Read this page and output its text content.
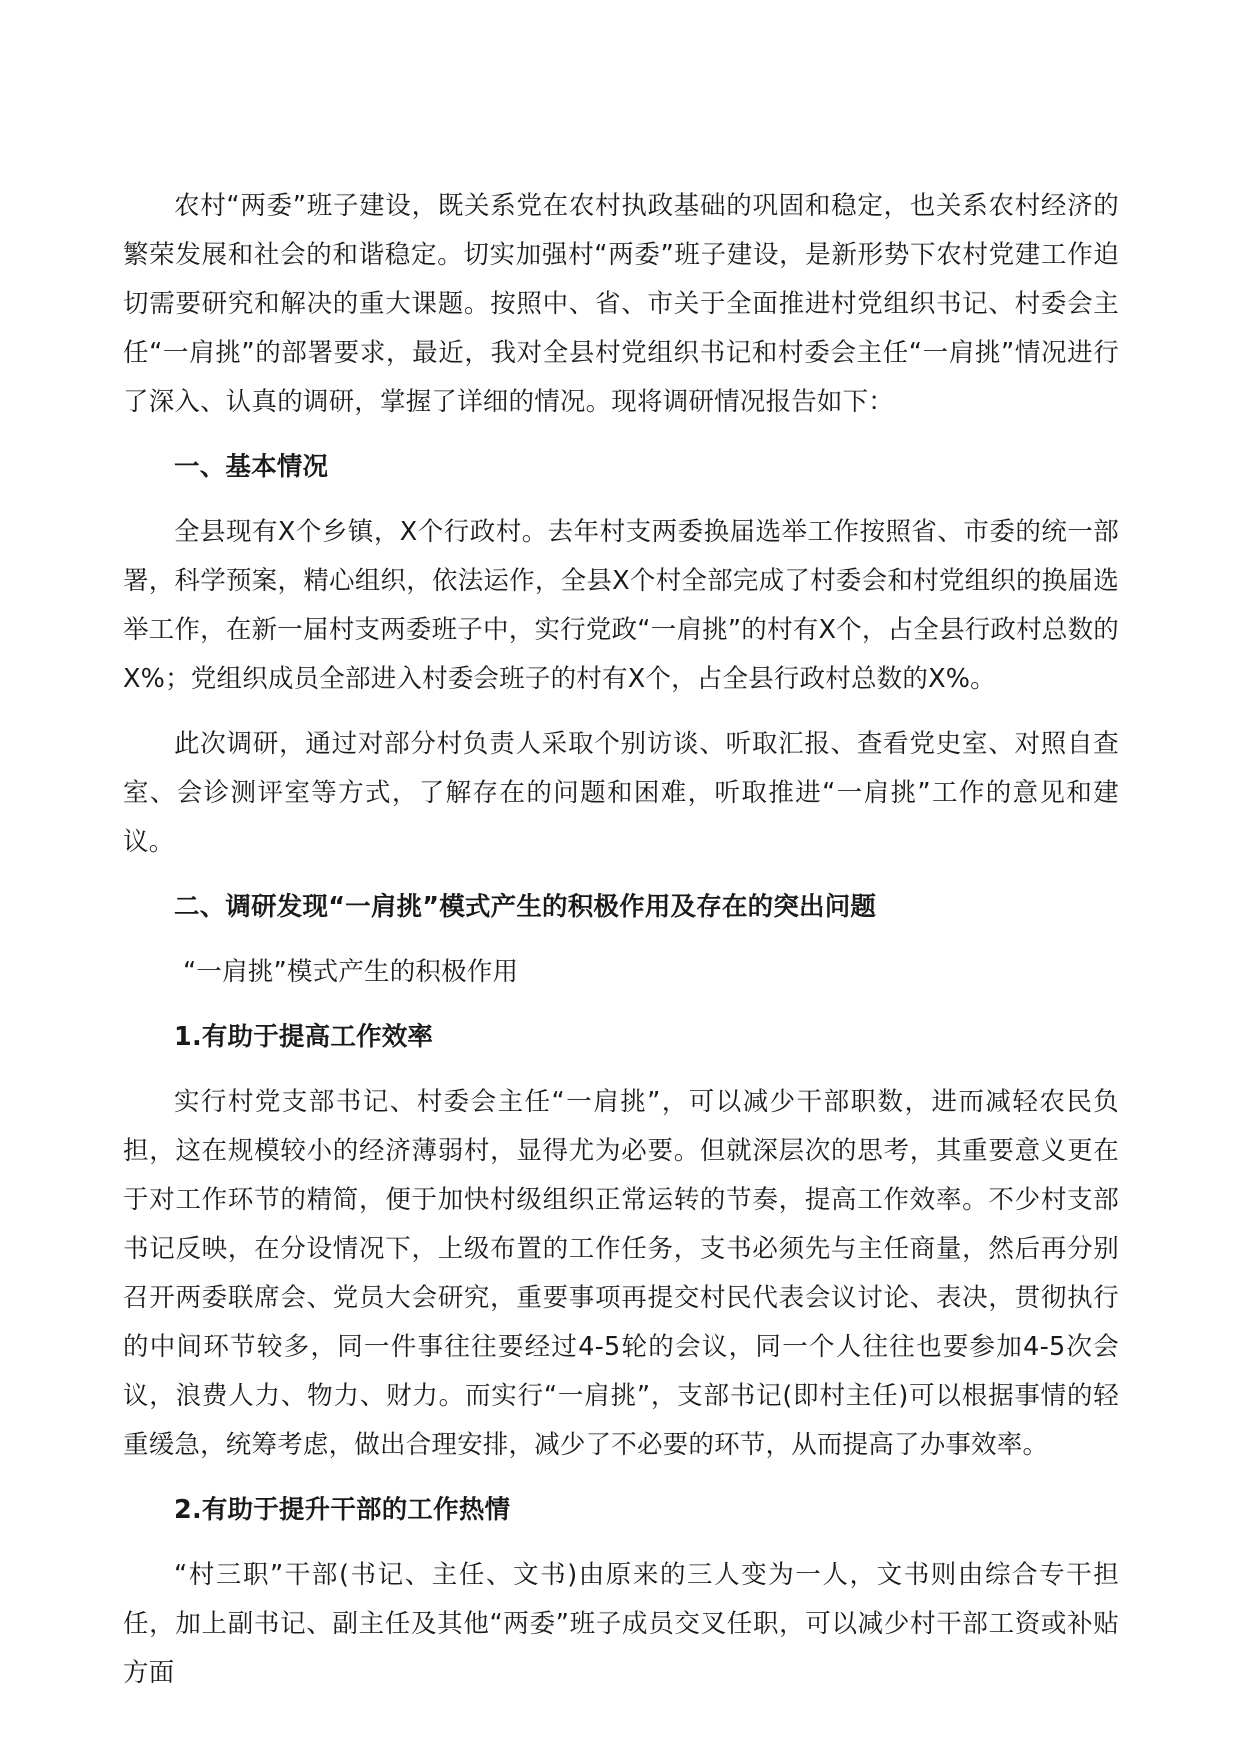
农村“两委”班子建设，既关系党在农村执政基础的巩固和稳定，也关系农村经济的繁荣发展和社会的和谐稳定。切实加强村“两委”班子建设，是新形势下农村党建工作迫切需要研究和解决的重大课题。按照中、省、市关于全面推进村党组织书记、村委会主任“一肩挑”的部署要求，最近，我对全县村党组织书记和村委会主任“一肩挑”情况进行了深入、认真的调研，掌握了详细的情况。现将调研情况报告如下：

一、基本情况

全县现有X个乡镇，X个行政村。去年村支两委换届选举工作按照省、市委的统一部署，科学预案，精心组织，依法运作，全县X个村全部完成了村委会和村党组织的换届选举工作，在新一届村支两委班子中，实行党政“一肩挑”的村有X个，占全县行政村总数的X%；党组织成员全部进入村委会班子的村有X个，占全县行政村总数的X%。

此次调研，通过对部分村负责人采取个别访谈、听取汇报、查看党史室、对照自查室、会诊测评室等方式，了解存在的问题和困难，听取推进“一肩挑”工作的意见和建议。

二、调研发现“一肩挑”模式产生的积极作用及存在的突出问题

“一肩挑”模式产生的积极作用

1.有助于提高工作效率

实行村党支部书记、村委会主任“一肩挑”，可以减少干部职数，进而减轻农民负担，这在规模较小的经济薄弱村，显得尤为必要。但就深层次的思考，其重要意义更在于对工作环节的精简，便于加快村级组织正常运转的节奏，提高工作效率。不少村支部书记反映，在分设情况下，上级布置的工作任务，支书必须先与主任商量，然后再分别召开两委联席会、党员大会研究，重要事项再提交村民代表会议讨论、表决，贯彻执行的中间环节较多，同一件事往往要经过4-5轮的会议，同一个人往往也要参加4-5次会议，浪费人力、物力、财力。而实行“一肩挑”，支部书记(即村主任)可以根据事情的轻重缓急，统筹考虑，做出合理安排，减少了不必要的环节，从而提高了办事效率。

2.有助于提升干部的工作热情

“村三职”干部(书记、主任、文书)由原来的三人变为一人，文书则由综合专干担任，加上副书记、副主任及其他“两委”班子成员交叉任职，可以减少村干部工资或补贴方面
